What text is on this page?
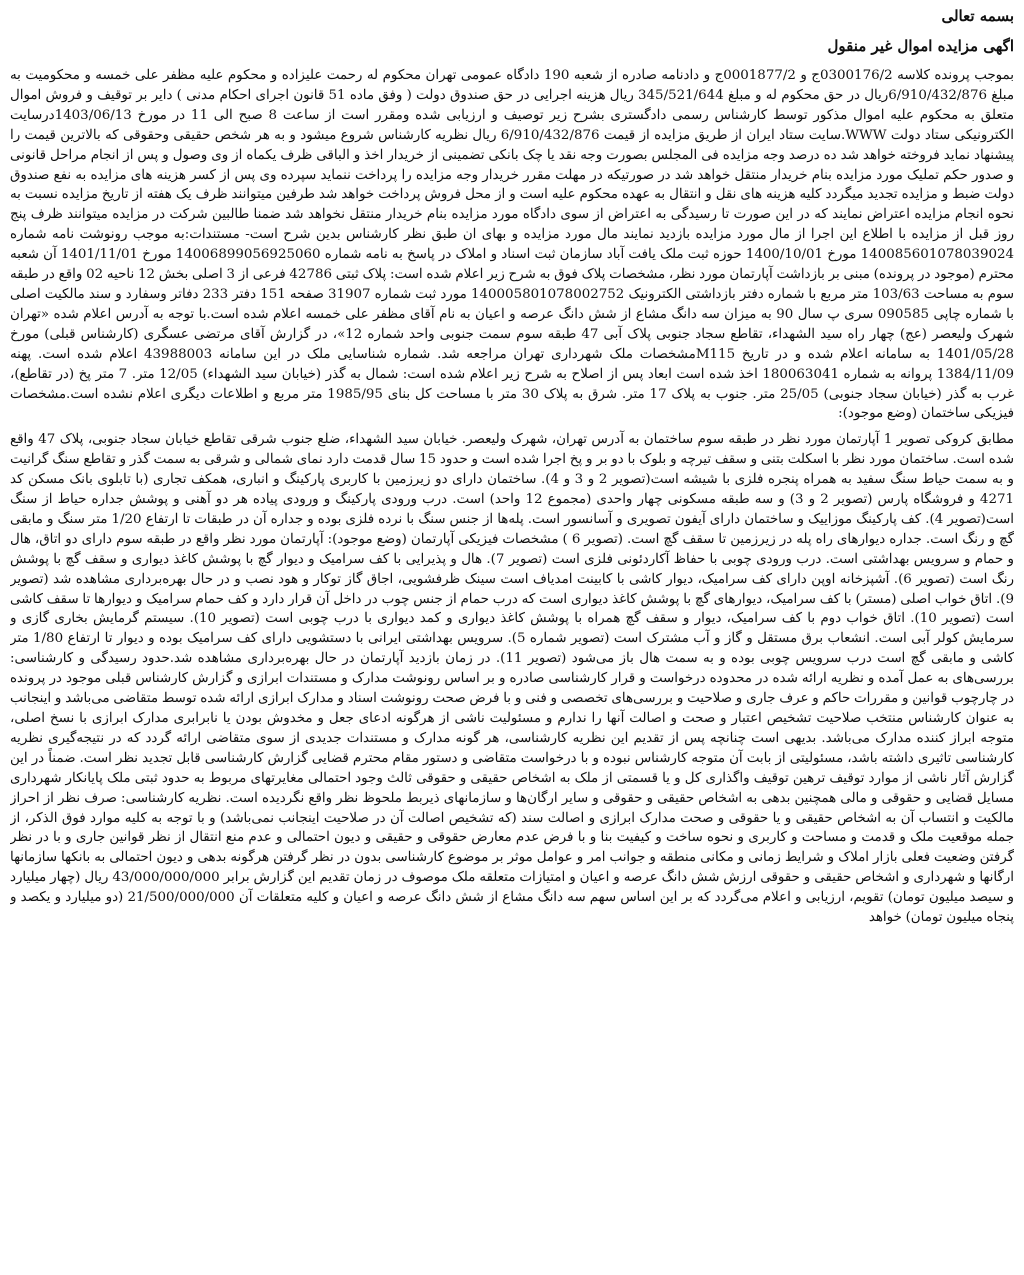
بسمه تعالی

اگهی مزایده اموال غیر منقول

بموجب پرونده کلاسه 0300176/2ج و 0001877/2ج و دادنامه صادره از شعبه 190 دادگاه عمومی تهران محکوم له رحمت علیزاده و محکوم علیه مظفر علی خمسه و محکومیت به مبلغ 6/910/432/876ریال در حق محکوم له و مبلغ 345/521/644 ریال هزینه اجرایی در حق صندوق دولت ( وفق ماده 51 قانون اجرای احکام مدنی ) دایر بر توقیف و فروش اموال متعلق به محکوم علیه اموال مذکور توسط کارشناس رسمی دادگستری بشرح زیر توصیف و ارزیابی شده ومقرر است از ساعت 8 صبح الی 11 در مورخ 1403/06/13درسایت الکترونیکی ستاد دولت WWW.سایت ستاد ایران از طریق مزایده از قیمت 6/910/432/876 ریال نظریه کارشناس شروع میشود و به هر شخص حقیقی وحقوقی که بالاترین قیمت را پیشنهاد نماید فروخته خواهد شد ده درصد وجه مزایده فی المجلس بصورت وجه نقد یا چک بانکی تضمینی از خریدار اخذ و الباقی ظرف یکماه از وی وصول و پس از انجام مراحل قانونی و صدور حکم تملیک مورد مزایده بنام خریدار منتقل خواهد شد در صورتیکه در مهلت مقرر خریدار وجه مزایده را پرداخت ننماید سپرده وی پس از کسر هزینه های مزایده به نفع صندوق دولت ضبط و مزایده تجدید میگردد کلیه هزینه های نقل و انتقال به عهده محکوم علیه است و از محل فروش پرداخت خواهد شد طرفین میتوانند ظرف یک هفته از تاریخ مزایده نسبت به نحوه انجام مزایده اعتراض نمایند که در این صورت تا رسیدگی به اعتراض از سوی دادگاه مورد مزایده بنام خریدار منتقل نخواهد شد ضمنا طالبین شرکت در مزایده میتوانند ظرف پنج روز قبل از مزایده با اطلاع این اجرا از مال مورد مزایده بازدید نمایند مال مورد مزایده و بهای ان طبق نظر کارشناس بدین شرح است- مستندات:به موجب رونوشت نامه شماره 140085601078039024 مورخ 1400/10/01 حوزه ثبت ملک یافت آباد سازمان ثبت اسناد و املاک در پاسخ به نامه شماره 14006899056925060 مورخ 1401/11/01 آن شعبه محترم (موجود در پرونده) مبنی بر بازداشت آپارتمان مورد نظر، مشخصات پلاک فوق به شرح زیر اعلام شده است: پلاک ثبتی 42786 فرعی از 3 اصلی بخش 12 ناحیه 02 واقع در طبقه سوم به مساحت 103/63 متر مربع با شماره دفتر بازداشتی الکترونیک 140005801078002752 مورد ثبت شماره 31907 صفحه 151 دفتر 233 دفاتر وسفارد و سند مالکیت اصلی با شماره چاپی 090585 سری پ سال 90 به میزان سه دانگ مشاع از شش دانگ عرصه و اعیان به نام آقای مظفر علی خمسه اعلام شده است.با توجه به آدرس اعلام شده «تهران شهرک ولیعصر (عج) چهار راه سید الشهداء، تقاطع سجاد جنوبی پلاک آبی 47 طبقه سوم سمت جنوبی واحد شماره 12»، در گزارش آقای مرتضی عسگری (کارشناس قبلی) مورخ 1401/05/28 به سامانه اعلام شده و در تاریخ M115مشخصات ملک شهرداری تهران مراجعه شد. شماره شناسایی ملک در این سامانه 43988003 اعلام شده است. پهنه 1384/11/09 پروانه به شماره 180063041 اخذ شده است ابعاد پس از اصلاح به شرح زیر اعلام شده است: شمال به گذر (خیابان سید الشهداء) 12/05 متر. 7 متر پخ (در تقاطع)، غرب به گذر (خیابان سجاد جنوبی) 25/05 متر. جنوب به پلاک 17 متر. شرق به پلاک 30 متر با مساحت کل بنای 1985/95 متر مربع و اطلاعات دیگری اعلام نشده است.مشخصات فیزیکی ساختمان (وضع موجود):

مطابق کروکی تصویر 1 آپارتمان مورد نظر در طبقه سوم ساختمان به آدرس تهران، شهرک ولیعصر. خیابان سید الشهداء، ضلع جنوب شرقی تقاطع خیابان سجاد جنوبی، پلاک 47 واقع شده است. ساختمان مورد نظر با اسکلت بتنی و سقف تیرچه و بلوک با دو بر و پخ اجرا شده است و حدود 15 سال قدمت دارد نمای شمالی و شرقی به سمت گذر و تقاطع سنگ گرانیت و به سمت حیاط سنگ سفید به همراه پنجره فلزی با شیشه است(تصویر 2 و 3 و 4). ساختمان دارای دو زیرزمین با کاربری پارکینگ و انباری، همکف تجاری (با تابلوی بانک مسکن کد 4271 و فروشگاه پارس (تصویر 2 و 3) و سه طبقه مسکونی چهار واحدی (مجموع 12 واحد) است. درب ورودی پارکینگ و ورودی پیاده هر دو آهنی و پوشش جداره حیاط از سنگ است(تصویر 4). کف پارکینگ موزاییک و ساختمان دارای آیفون تصویری و آسانسور است. پله‌ها از جنس سنگ با نرده فلزی بوده و جداره آن در طبقات تا ارتفاع 1/20 متر سنگ و مابقی گچ و رنگ است. جداره دیوارهای راه پله در زیرزمین تا سقف گچ است. (تصویر 6 ) مشخصات فیزیکی آپارتمان (وضع موجود): آپارتمان مورد نظر واقع در طبقه سوم دارای دو اتاق، هال و حمام و سرویس بهداشتی است. درب ورودی چوبی با حفاظ آکاردئونی فلزی است (تصویر 7). هال و پذیرایی با کف سرامیک و دیوار گچ با پوشش کاغذ دیواری و سقف گچ با پوشش رنگ است (تصویر 6). آشپزخانه اوپن دارای کف سرامیک، دیوار کاشی با کابینت امدیاف است سینک ظرفشویی، اجاق گاز توکار و هود نصب و در حال بهره‌برداری مشاهده شد (تصویر 9). اتاق خواب اصلی (مستر) با کف سرامیک، دیوارهای گچ با پوشش کاغذ دیواری است که درب حمام از جنس چوب در داخل آن قرار دارد و کف حمام سرامیک و دیوارها تا سقف کاشی است (تصویر 10). اتاق خواب دوم با کف سرامیک، دیوار و سقف گچ همراه با پوشش کاغذ دیواری و کمد دیواری با درب چوبی است (تصویر 10). سیستم گرمایش بخاری گازی و سرمایش کولر آبی است. انشعاب برق مستقل و گاز و آب مشترک است (تصویر شماره 5). سرویس بهداشتی ایرانی با دستشویی دارای کف سرامیک بوده و دیوار تا ارتفاع 1/80 متر کاشی و مابقی گچ است درب سرویس چوبی بوده و به سمت هال باز می‌شود (تصویر 11). در زمان بازدید آپارتمان در حال بهره‌برداری مشاهده شد.حدود رسیدگی و کارشناسی: بررسی‌های به عمل آمده و نظریه ارائه شده در محدوده درخواست و قرار کارشناسی صادره و بر اساس رونوشت مدارک و مستندات ابرازی و گزارش کارشناس قبلی موجود در پرونده در چارچوب قوانین و مقررات حاکم و عرف جاری و صلاحیت و بررسی‌های تخصصی و فنی و با فرض صحت رونوشت اسناد و مدارک ابرازی ارائه شده توسط متقاضی می‌باشد و اینجانب به عنوان کارشناس منتخب صلاحیت تشخیص اعتبار و صحت و اصالت آنها را ندارم و مسئولیت ناشی از هرگونه ادعای جعل و مخدوش بودن یا نابرابری مدارک ابرازی با نسخ اصلی، متوجه ابراز کننده مدارک می‌باشد. بدیهی است چنانچه پس از تقدیم این نظریه کارشناسی، هر گونه مدارک و مستندات جدیدی از سوی متقاضی ارائه گردد که در نتیجه‌گیری نظریه کارشناسی تاثیری داشته باشد، مسئولیتی از بابت آن متوجه کارشناس نبوده و با درخواست متقاضی و دستور مقام محترم قضایی گزارش کارشناسی قابل تجدید نظر است. ضمناً در این گزارش آثار ناشی از موارد توقیف ترهین توقیف واگذاری کل و یا قسمتی از ملک به اشخاص حقیقی و حقوقی ثالث وجود احتمالی مغایرتهای مربوط به حدود ثبتی ملک پایانکار شهرداری مسایل قضایی و حقوقی و مالی همچنین بدهی به اشخاص حقیقی و حقوقی و سایر ارگان‌ها و سازمانهای ذیربط ملحوظ نظر واقع نگردیده است. نظریه کارشناسی: صرف نظر از احراز مالکیت و انتساب آن به اشخاص حقیقی و یا حقوقی و صحت مدارک ابرازی و اصالت سند (که تشخیص اصالت آن در صلاحیت اینجانب نمی‌باشد) و با توجه به کلیه موارد فوق الذکر، از جمله موقعیت ملک و قدمت و مساحت و کاربری و نحوه ساخت و کیفیت بنا و با فرض عدم معارض حقوقی و حقیقی و دیون احتمالی و عدم منع انتقال از نظر قوانین جاری و با در نظر گرفتن وضعیت فعلی بازار املاک و شرایط زمانی و مکانی منطقه و جوانب امر و عوامل موثر بر موضوع کارشناسی بدون در نظر گرفتن هرگونه بدهی و دیون احتمالی به بانکها سازمانها ارگانها و شهرداری و اشخاص حقیقی و حقوقی ارزش شش دانگ عرصه و اعیان و امتیازات متعلقه ملک موصوف در زمان تقدیم این گزارش برابر 43/000/000/000 ریال (چهار میلیارد و سیصد میلیون تومان) تقویم، ارزیابی و اعلام می‌گردد که بر این اساس سهم سه دانگ مشاع از شش دانگ عرصه و اعیان و کلیه متعلقات آن 21/500/000/000 (دو میلیارد و یکصد و پنجاه میلیون تومان) خواهد
